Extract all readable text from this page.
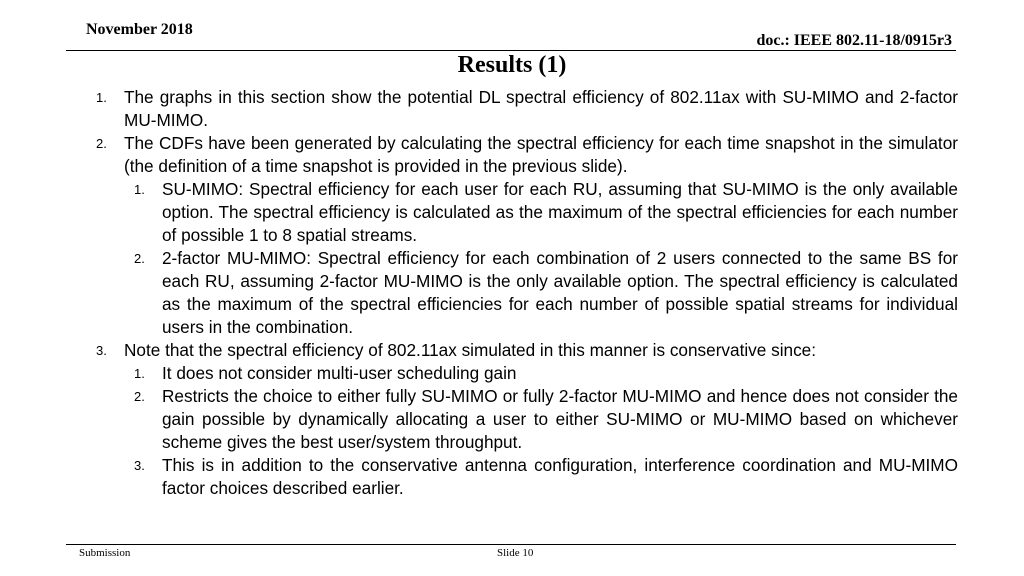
November 2018
doc.: IEEE 802.11-18/0915r3
Results (1)
1. The graphs in this section show the potential DL spectral efficiency of 802.11ax with SU-MIMO and 2-factor MU-MIMO.
2. The CDFs have been generated by calculating the spectral efficiency for each time snapshot in the simulator (the definition of a time snapshot is provided in the previous slide).
1. SU-MIMO: Spectral efficiency for each user for each RU, assuming that SU-MIMO is the only available option. The spectral efficiency is calculated as the maximum of the spectral efficiencies for each number of possible 1 to 8 spatial streams.
2. 2-factor MU-MIMO: Spectral efficiency for each combination of 2 users connected to the same BS for each RU, assuming 2-factor MU-MIMO is the only available option. The spectral efficiency is calculated as the maximum of the spectral efficiencies for each number of possible spatial streams for individual users in the combination.
3. Note that the spectral efficiency of 802.11ax simulated in this manner is conservative since:
1. It does not consider multi-user scheduling gain
2. Restricts the choice to either fully SU-MIMO or fully 2-factor MU-MIMO and hence does not consider the gain possible by dynamically allocating a user to either SU-MIMO or MU-MIMO based on whichever scheme gives the best user/system throughput.
3. This is in addition to the conservative antenna configuration, interference coordination and MU-MIMO factor choices described earlier.
Submission	Slide 10
